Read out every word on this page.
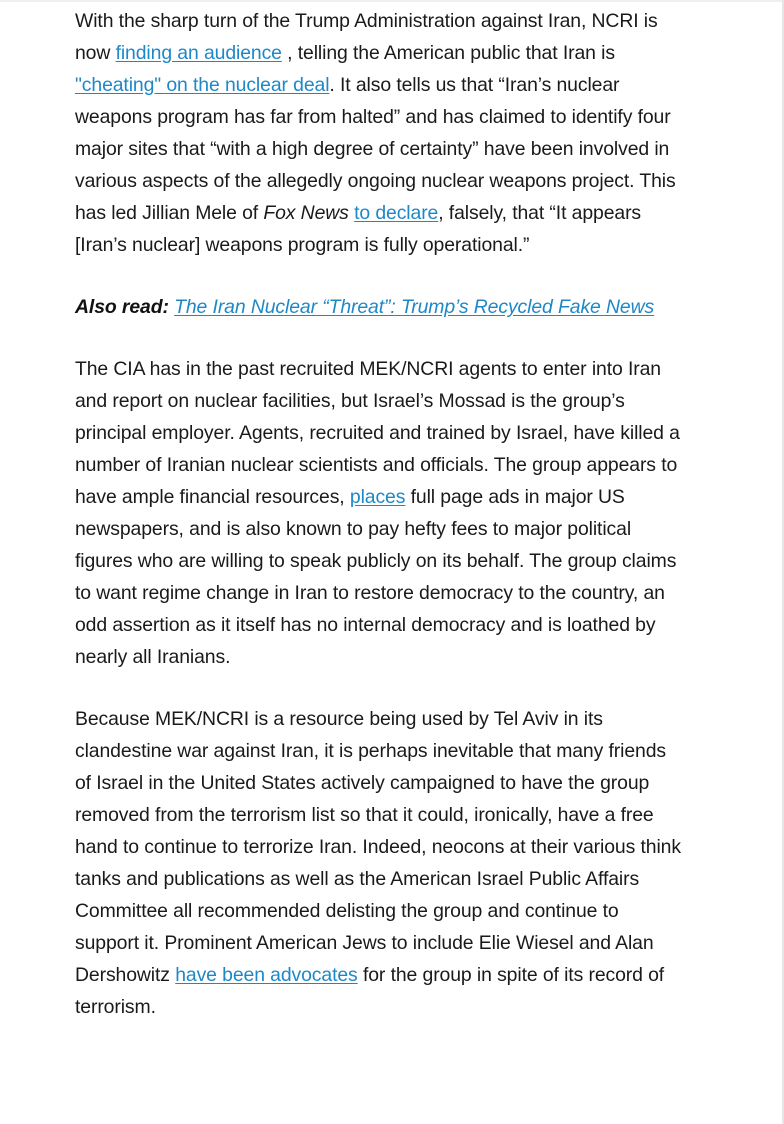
With the sharp turn of the Trump Administration against Iran, NCRI is now finding an audience , telling the American public that Iran is "cheating" on the nuclear deal. It also tells us that “Iran’s nuclear weapons program has far from halted” and has claimed to identify four major sites that “with a high degree of certainty” have been involved in various aspects of the allegedly ongoing nuclear weapons project. This has led Jillian Mele of Fox News to declare, falsely, that “It appears [Iran’s nuclear] weapons program is fully operational.”

Also read: The Iran Nuclear “Threat”: Trump’s Recycled Fake News

The CIA has in the past recruited MEK/NCRI agents to enter into Iran and report on nuclear facilities, but Israel’s Mossad is the group’s principal employer. Agents, recruited and trained by Israel, have killed a number of Iranian nuclear scientists and officials. The group appears to have ample financial resources, places full page ads in major US newspapers, and is also known to pay hefty fees to major political figures who are willing to speak publicly on its behalf. The group claims to want regime change in Iran to restore democracy to the country, an odd assertion as it itself has no internal democracy and is loathed by nearly all Iranians.

Because MEK/NCRI is a resource being used by Tel Aviv in its clandestine war against Iran, it is perhaps inevitable that many friends of Israel in the United States actively campaigned to have the group removed from the terrorism list so that it could, ironically, have a free hand to continue to terrorize Iran. Indeed, neocons at their various think tanks and publications as well as the American Israel Public Affairs Committee all recommended delisting the group and continue to support it. Prominent American Jews to include Elie Wiesel and Alan Dershowitz have been advocates for the group in spite of its record of terrorism.
